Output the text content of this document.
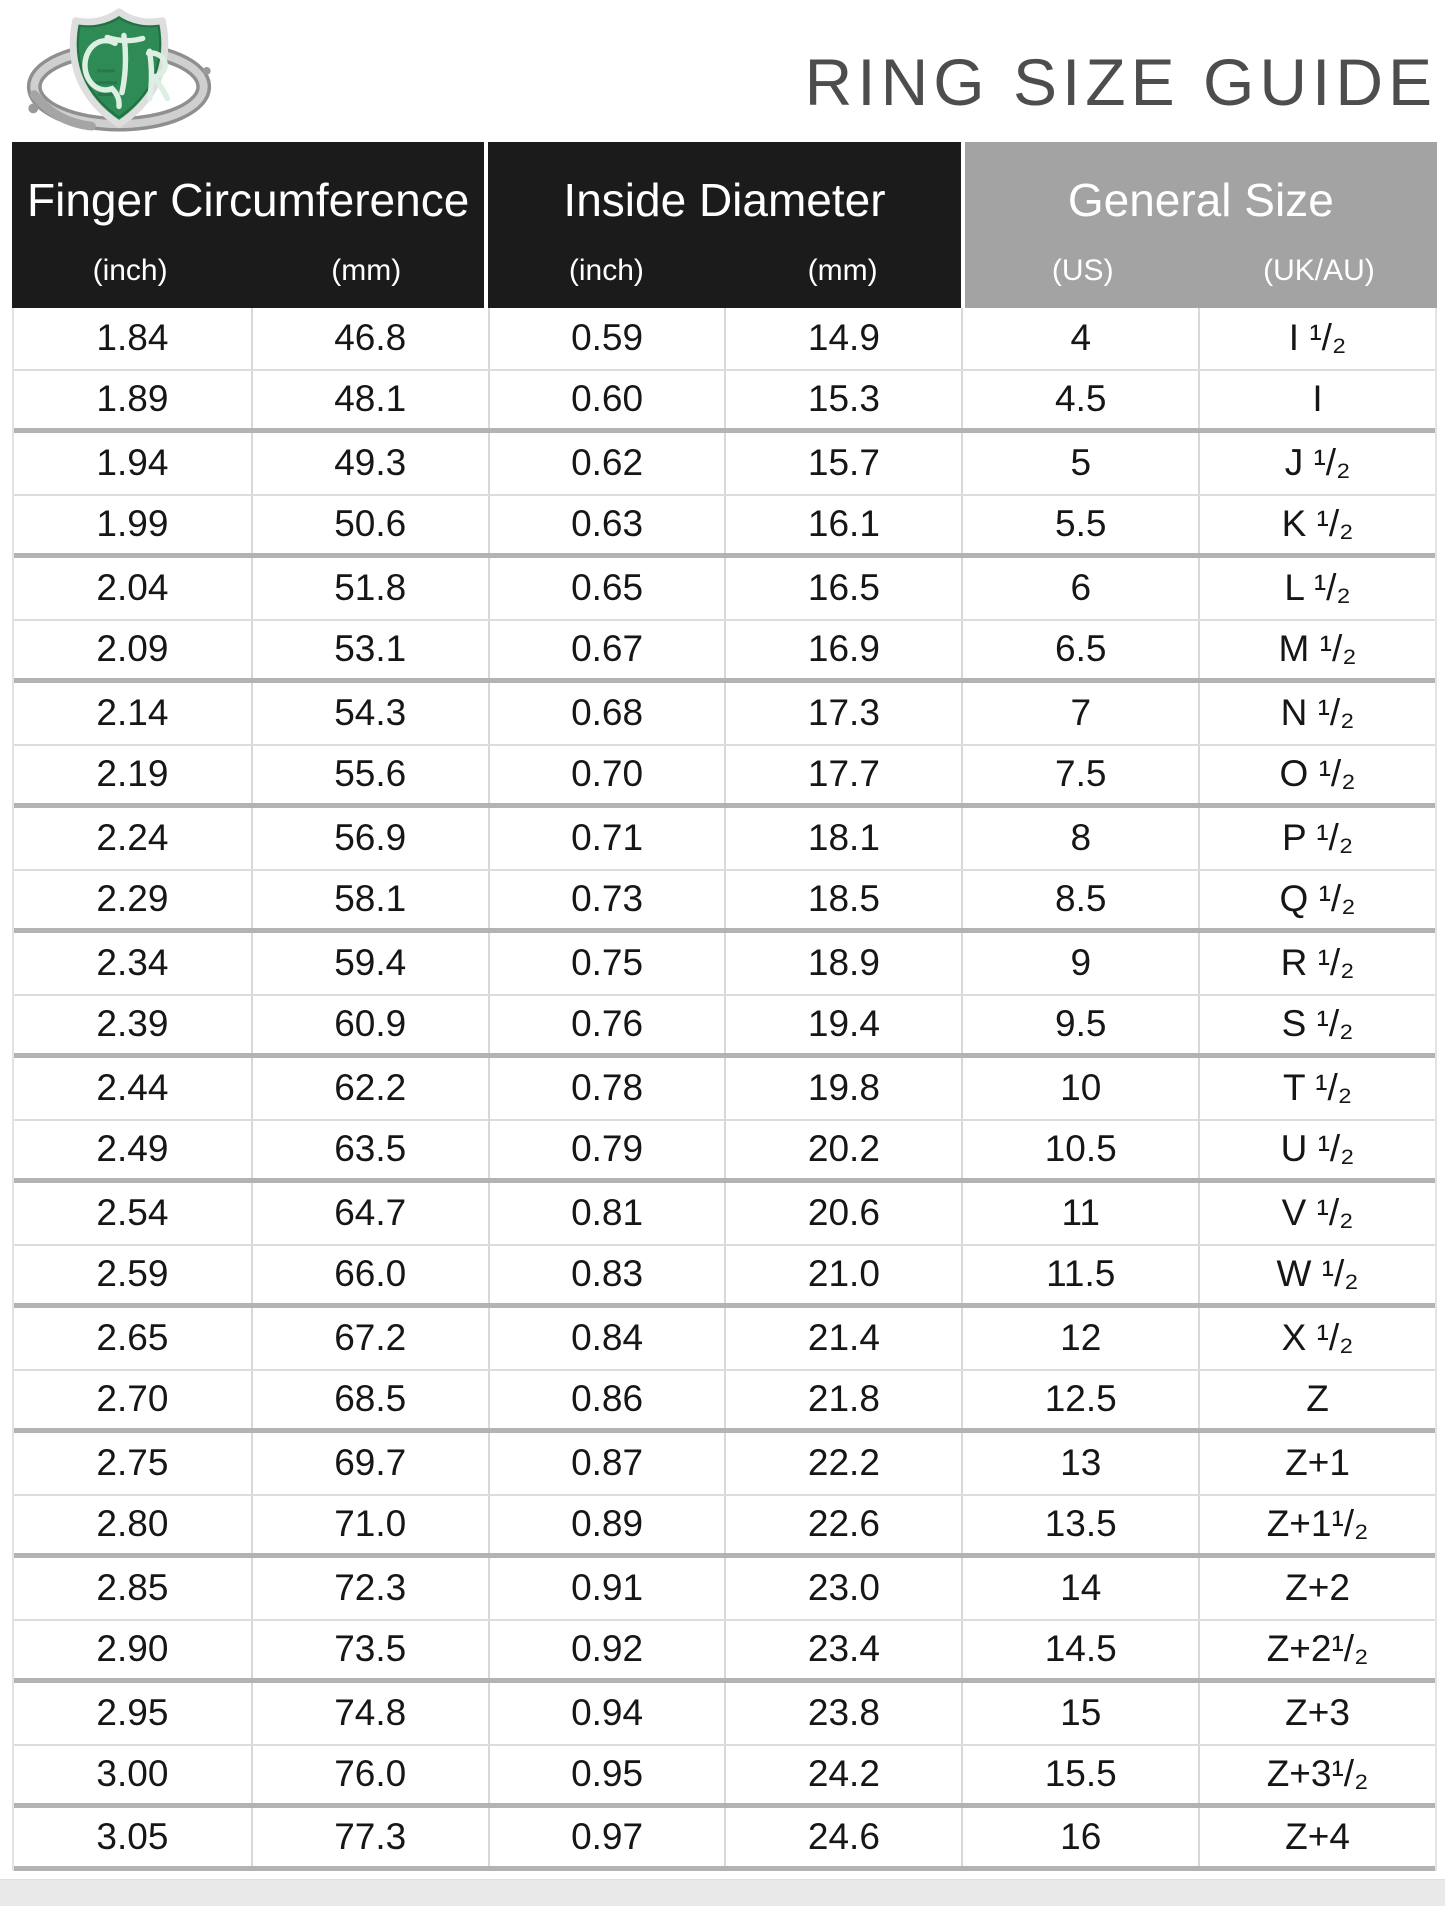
RING SIZE GUIDE
Finger Circumference
(inch)	(mm)
Inside Diameter
(inch)	(mm)
General Size
(US)	(UK/AU)
1.84	46.8	0.59	14.9	4	I ¹/₂
1.89	48.1	0.60	15.3	4.5	I
1.94	49.3	0.62	15.7	5	J ¹/₂
1.99	50.6	0.63	16.1	5.5	K ¹/₂
2.04	51.8	0.65	16.5	6	L ¹/₂
2.09	53.1	0.67	16.9	6.5	M ¹/₂
2.14	54.3	0.68	17.3	7	N ¹/₂
2.19	55.6	0.70	17.7	7.5	O ¹/₂
2.24	56.9	0.71	18.1	8	P ¹/₂
2.29	58.1	0.73	18.5	8.5	Q ¹/₂
2.34	59.4	0.75	18.9	9	R ¹/₂
2.39	60.9	0.76	19.4	9.5	S ¹/₂
2.44	62.2	0.78	19.8	10	T ¹/₂
2.49	63.5	0.79	20.2	10.5	U ¹/₂
2.54	64.7	0.81	20.6	11	V ¹/₂
2.59	66.0	0.83	21.0	11.5	W ¹/₂
2.65	67.2	0.84	21.4	12	X ¹/₂
2.70	68.5	0.86	21.8	12.5	Z
2.75	69.7	0.87	22.2	13	Z+1
2.80	71.0	0.89	22.6	13.5	Z+1¹/₂
2.85	72.3	0.91	23.0	14	Z+2
2.90	73.5	0.92	23.4	14.5	Z+2¹/₂
2.95	74.8	0.94	23.8	15	Z+3
3.00	76.0	0.95	24.2	15.5	Z+3¹/₂
3.05	77.3	0.97	24.6	16	Z+4
